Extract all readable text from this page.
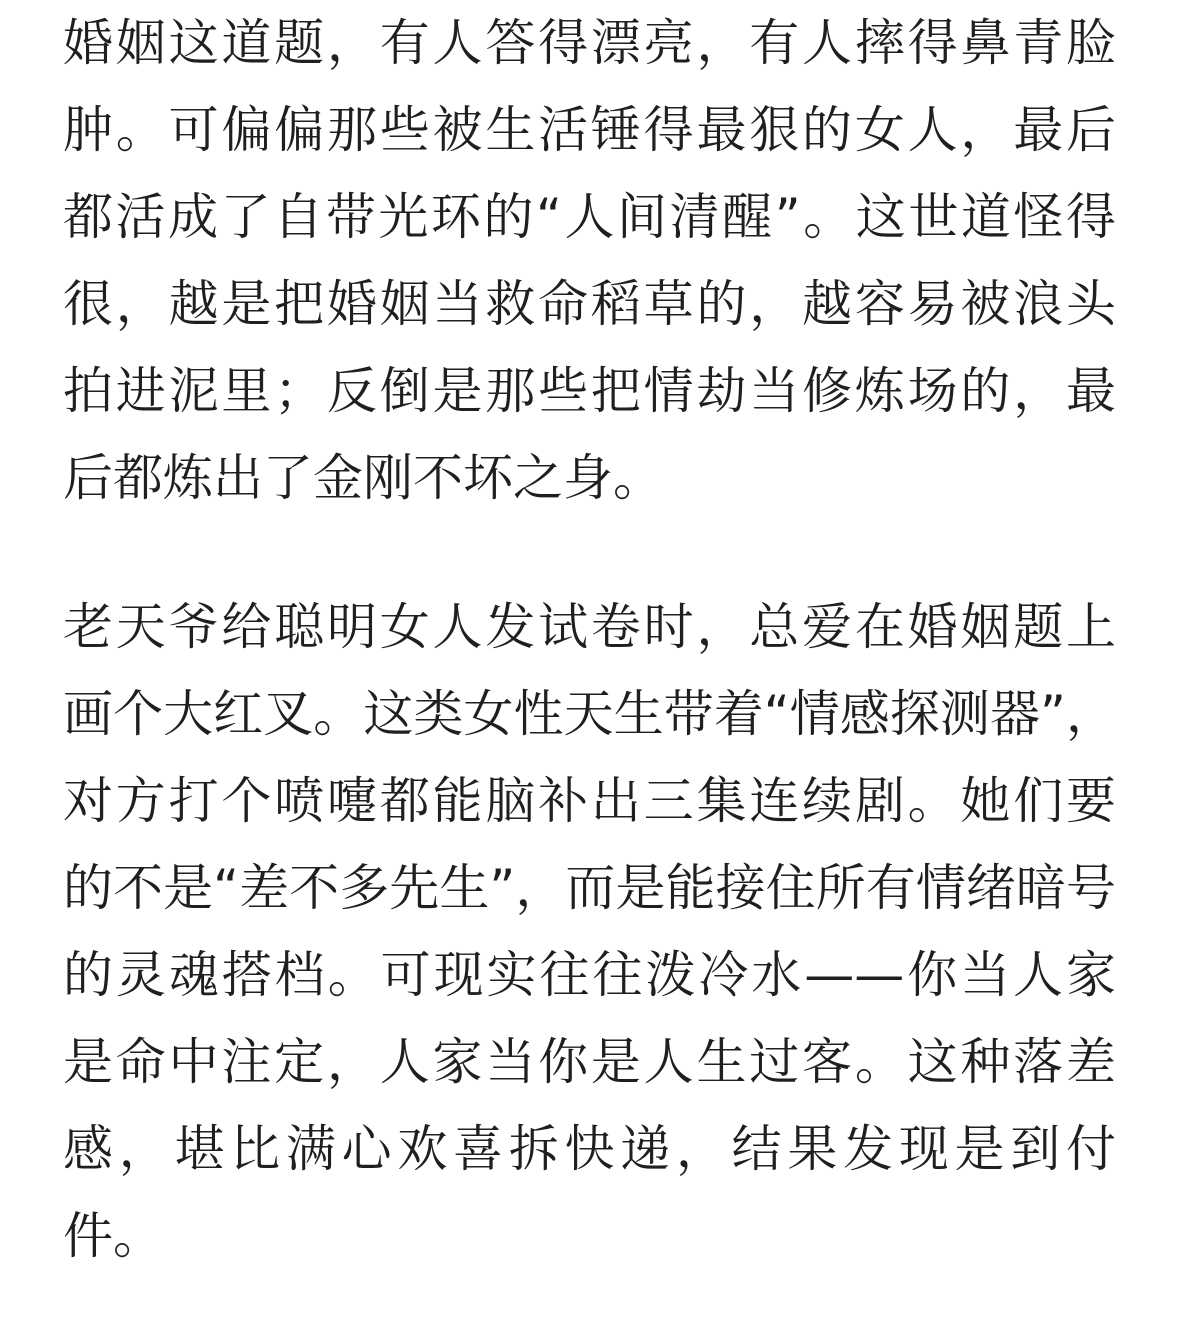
婚姻这道题，有人答得漂亮，有人摔得鼻青脸
肿。可偏偏那些被生活锤得最狠的女人，最后
都活成了自带光环的“人间清醒”。这世道怪得
很，越是把婚姻当救命稻草的，越容易被浪头
拍进泥里；反倒是那些把情劫当修炼场的，最
后都炼出了金刚不坏之身。
老天爷给聪明女人发试卷时，总爱在婚姻题上
画个大红叉。这类女性天生带着“情感探测器”，
对方打个喷嚏都能脑补出三集连续剧。她们要
的不是“差不多先生”，而是能接住所有情绪暗号
的灵魂搭档。可现实往往泼冷水——你当人家
是命中注定，人家当你是人生过客。这种落差
感，堪比满心欢喜拆快递，结果发现是到付
件。
